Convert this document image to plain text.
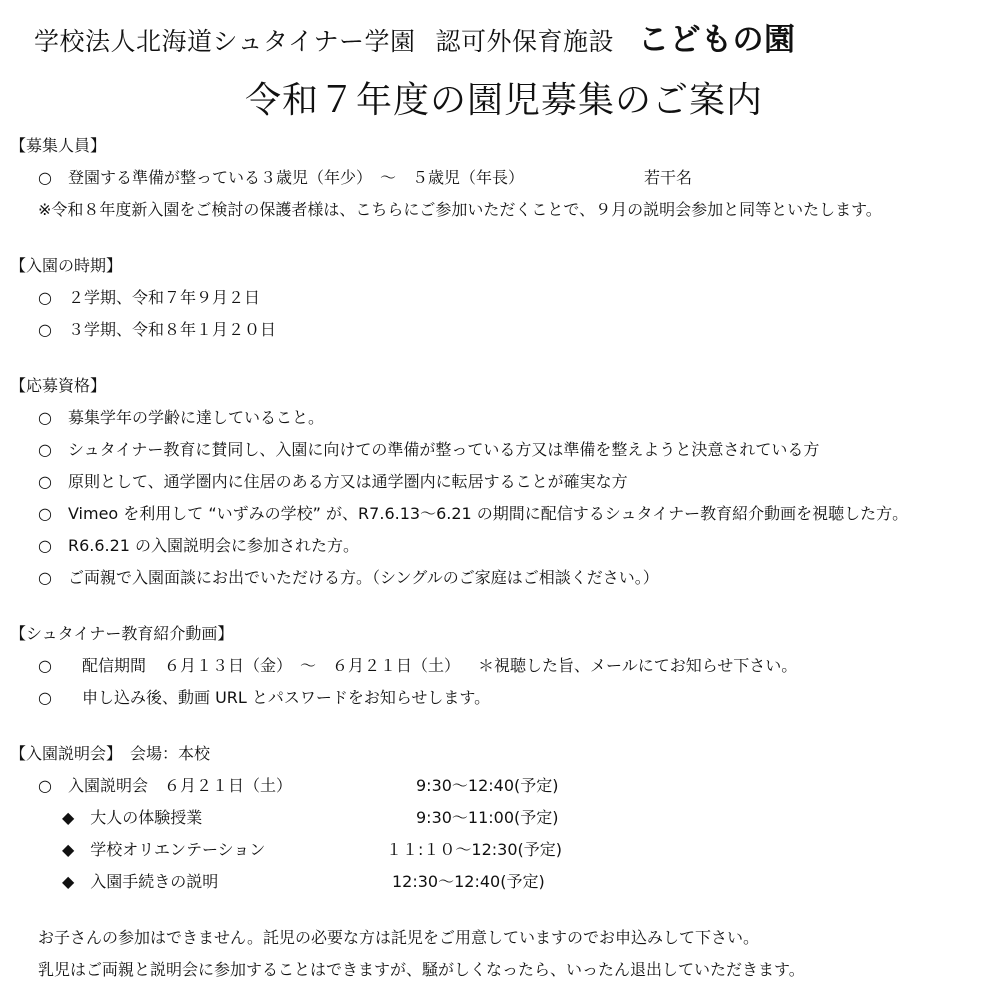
学校法人北海道シュタイナー学園 認可外保育施設 こどもの園
令和７年度の園児募集のご案内
【募集人員】
○ 登園する準備が整っている３歳児（年少）　～　５歳児（年長）	若干名
※令和８年度新入園をご検討の保護者様は、こちらにご参加いただくことで、９月の説明会参加と同等といたします。
【入園の時期】
○　２学期、令和７年９月２日
○　３学期、令和８年１月２０日
【応募資格】
○　募集学年の学齢に達していること。
○　シュタイナー教育に賛同し、入園に向けての準備が整っている方又は準備を整えようと決意されている方
○　原則として、通学圏内に住居のある方又は通学圏内に転居することが確実な方
○　Vimeo を利用して “いずみの学校” が、R7.6.13～6.21 の期間に配信するシュタイナー教育紹介動画を視聴した方。
○　R6.6.21 の入園説明会に参加された方。
○　ご両親で入園面談にお出でいただける方。（シングルのご家庭はご相談ください。）
【シュタイナー教育紹介動画】
○ 配信期間 ６月１３日（金）　～　６月２１日（土） ＊視聴した旨、メールにてお知らせ下さい。
○ 申し込み後、動画 URL とパスワードをお知らせします。
【入園説明会】　会場：本校
○　入園説明会　６月２１日（土）	9:30～12:40(予定)
◆　大人の体験授業	9:30～11:00(予定)
◆　学校オリエンテーション	１１:１０～12:30(予定)
◆　入園手続きの説明	12:30～12:40(予定)
お子さんの参加はできません。託児の必要な方は託児をご用意していますのでお申込みして下さい。
乳児はご両親と説明会に参加することはできますが、騒がしくなったら、いったん退出していただきます。
